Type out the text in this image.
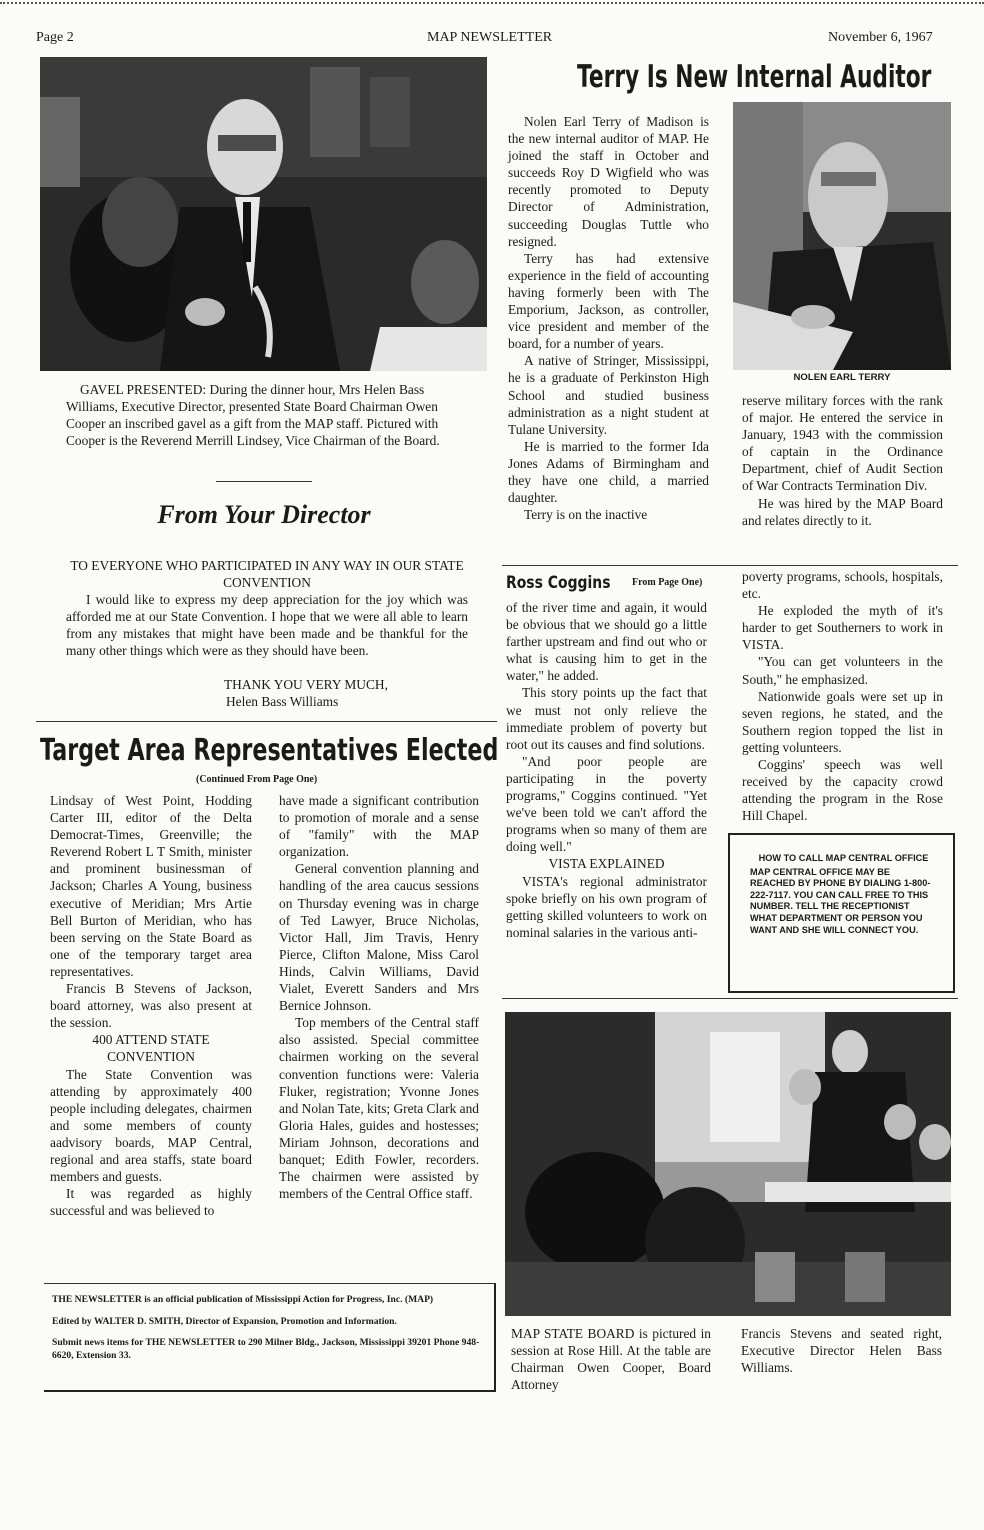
Page 2	MAP NEWSLETTER	November 6, 1967
GAVEL PRESENTED: During the dinner hour, Mrs Helen Bass Williams, Executive Director, presented State Board Chairman Owen Cooper an inscribed gavel as a gift from the MAP staff. Pictured with Cooper is the Reverend Merrill Lindsey, Vice Chairman of the Board.
From Your Director
TO EVERYONE WHO PARTICIPATED IN ANY WAY IN OUR STATE CONVENTION
I would like to express my deep appreciation for the joy which was afforded me at our State Convention. I hope that we were all able to learn from any mistakes that might have been made and be thankful for the many other things which were as they should have been.
THANK YOU VERY MUCH,
Helen Bass Williams
Target Area Representatives Elected
(Continued From Page One)

Lindsay of West Point, Hodding Carter III, editor of the Delta Democrat-Times, Greenville; the Reverend Robert L T Smith, minister and prominent businessman of Jackson; Charles A Young, business executive of Meridian; Mrs Artie Bell Burton of Meridian, who has been serving on the State Board as one of the temporary target area representatives.

Francis B Stevens of Jackson, board attorney, was also present at the session.

400 ATTEND STATE CONVENTION

The State Convention was attending by approximately 400 people including delegates, chairmen and some members of county aadvisory boards, MAP Central, regional and area staffs, state board members and guests.

It was regarded as highly successful and was believed to

have made a significant contribution to promotion of morale and a sense of "family" with the MAP organization.

General convention planning and handling of the area caucus sessions on Thursday evening was in charge of Ted Lawyer, Bruce Nicholas, Victor Hall, Jim Travis, Henry Pierce, Clifton Malone, Miss Carol Hinds, Calvin Williams, David Vialet, Everett Sanders and Mrs Bernice Johnson.

Top members of the Central staff also assisted. Special committee chairmen working on the several convention functions were: Valeria Fluker, registration; Yvonne Jones and Nolan Tate, kits; Greta Clark and Gloria Hales, guides and hostesses; Miriam Johnson, decorations and banquet; Edith Fowler, recorders. The chairmen were assisted by members of the Central Office staff.

THE NEWSLETTER is an official publication of Mississippi Action for Progress, Inc. (MAP)
Edited by WALTER D. SMITH, Director of Expansion, Promotion and Information.
Submit news items for THE NEWSLETTER to 290 Milner Bldg., Jackson, Mississippi 39201 Phone 948-6620, Extension 33.
Terry Is New Internal Auditor
NOLEN EARL TERRY

Nolen Earl Terry of Madison is the new internal auditor of MAP. He joined the staff in October and succeeds Roy D Wigfield who was recently promoted to Deputy Director of Administration, succeeding Douglas Tuttle who resigned.

Terry has had extensive experience in the field of accounting having formerly been with The Emporium, Jackson, as controller, vice president and member of the board, for a number of years.

A native of Stringer, Mississippi, he is a graduate of Perkinston High School and studied business administration as a night student at Tulane University.

He is married to the former Ida Jones Adams of Birmingham and they have one child, a married daughter.

Terry is on the inactive

reserve military forces with the rank of major. He entered the service in January, 1943 with the commission of captain in the Ordinance Department, chief of Audit Section of War Contracts Termination Div.

He was hired by the MAP Board and relates directly to it.

Ross Coggins From Page One)

of the river time and again, it would be obvious that we should go a little farther upstream and find out who or what is causing him to get in the water," he added.

This story points up the fact that we must not only relieve the immediate problem of poverty but root out its causes and find solutions.

"And poor people are participating in the poverty programs," Coggins continued. "Yet we've been told we can't afford the programs when so many of them are doing well."

VISTA EXPLAINED

VISTA's regional administrator spoke briefly on his own program of getting skilled volunteers to work on nominal salaries in the various anti-

poverty programs, schools, hospitals, etc.

He exploded the myth of it's harder to get Southerners to work in VISTA.

"You can get volunteers in the South," he emphasized.

Nationwide goals were set up in seven regions, he stated, and the Southern region topped the list in getting volunteers.

Coggins' speech was well received by the capacity crowd attending the program in the Rose Hill Chapel.

HOW TO CALL MAP CENTRAL OFFICE
MAP CENTRAL OFFICE MAY BE REACHED BY PHONE BY DIALING 1-800-222-7117. YOU CAN CALL FREE TO THIS NUMBER. TELL THE RECEPTIONIST WHAT DEPARTMENT OR PERSON YOU WANT AND SHE WILL CONNECT YOU.
MAP STATE BOARD is pictured in session at Rose Hill. At the table are Chairman Owen Cooper, Board Attorney
Francis Stevens and seated right, Executive Director Helen Bass Williams.
